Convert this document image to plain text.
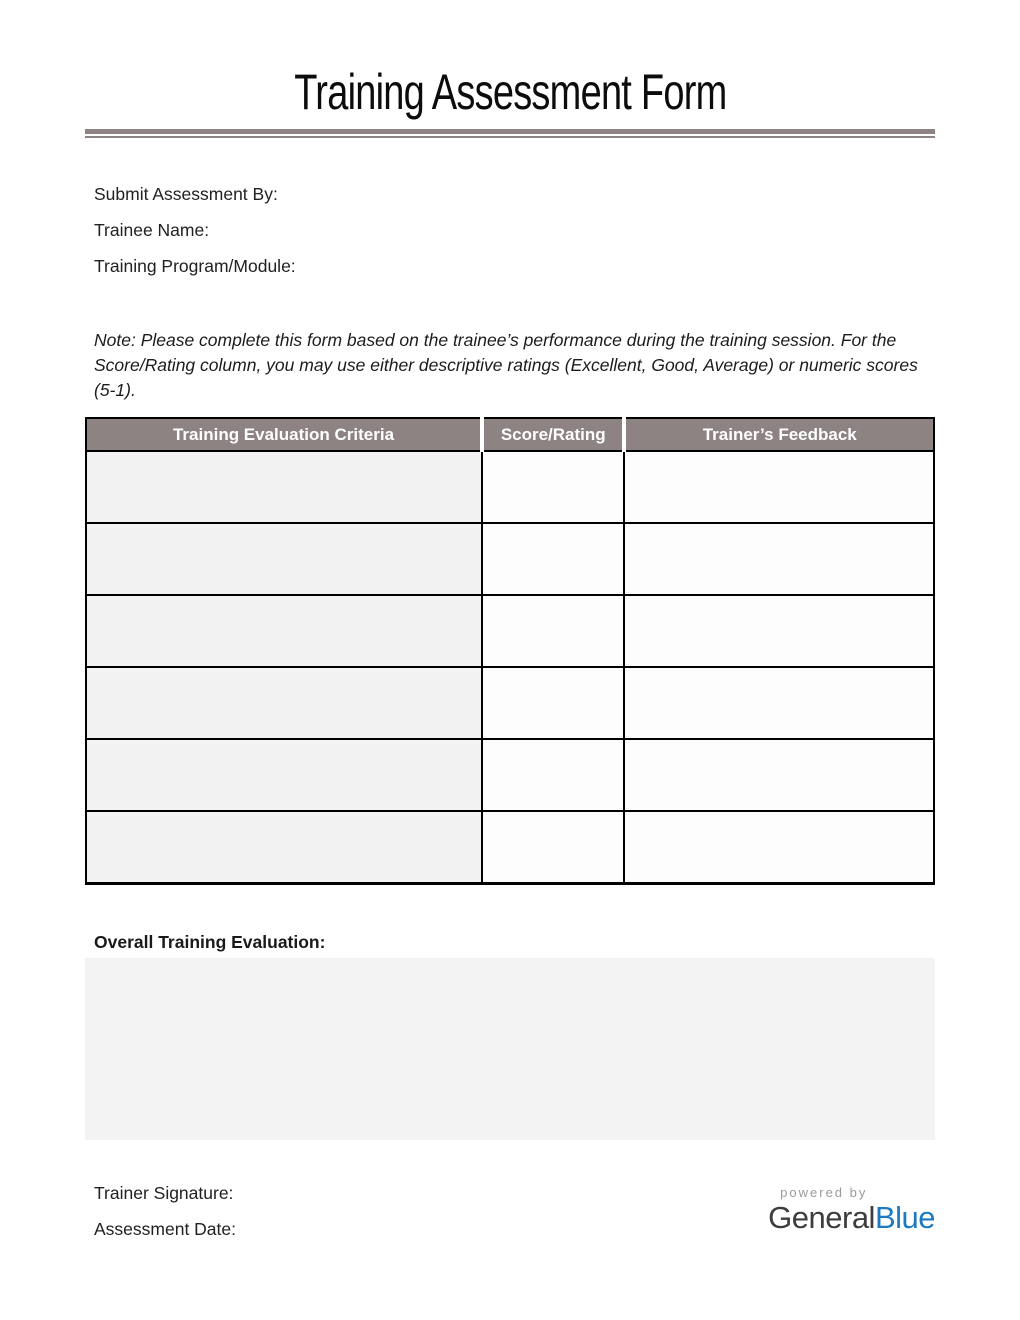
Training Assessment Form
Submit Assessment By:
Trainee Name:
Training Program/Module:
Note: Please complete this form based on the trainee’s performance during the training session. For the Score/Rating column, you may use either descriptive ratings (Excellent, Good, Average) or numeric scores (5-1).
Training Evaluation Criteria	Score/Rating	Trainer’s Feedback

Overall Training Evaluation:
Trainer Signature:
Assessment Date:
powered by
GeneralBlue
